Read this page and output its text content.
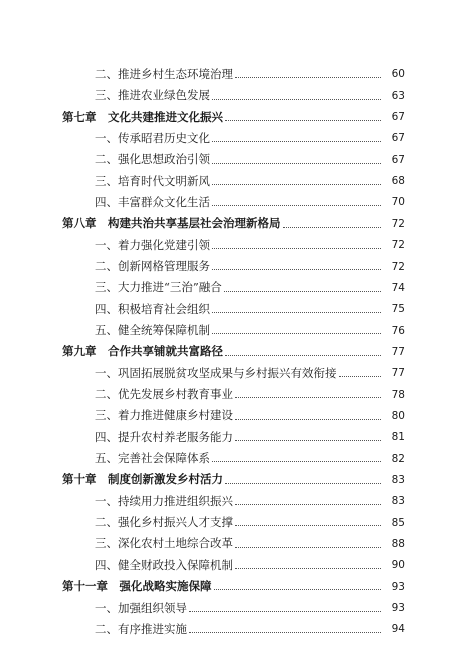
二、推进乡村生态环境治理	60
三、推进农业绿色发展	63
第七章　文化共建推进文化振兴	67
一、传承昭君历史文化	67
二、强化思想政治引领	67
三、培育时代文明新风	68
四、丰富群众文化生活	70
第八章　构建共治共享基层社会治理新格局	72
一、着力强化党建引领	72
二、创新网格管理服务	72
三、大力推进“三治”融合	74
四、积极培育社会组织	75
五、健全统筹保障机制	76
第九章　合作共享铺就共富路径	77
一、巩固拓展脱贫攻坚成果与乡村振兴有效衔接	77
二、优先发展乡村教育事业	78
三、着力推进健康乡村建设	80
四、提升农村养老服务能力	81
五、完善社会保障体系	82
第十章　制度创新激发乡村活力	83
一、持续用力推进组织振兴	83
二、强化乡村振兴人才支撑	85
三、深化农村土地综合改革	88
四、健全财政投入保障机制	90
第十一章　强化战略实施保障	93
一、加强组织领导	93
二、有序推进实施	94
